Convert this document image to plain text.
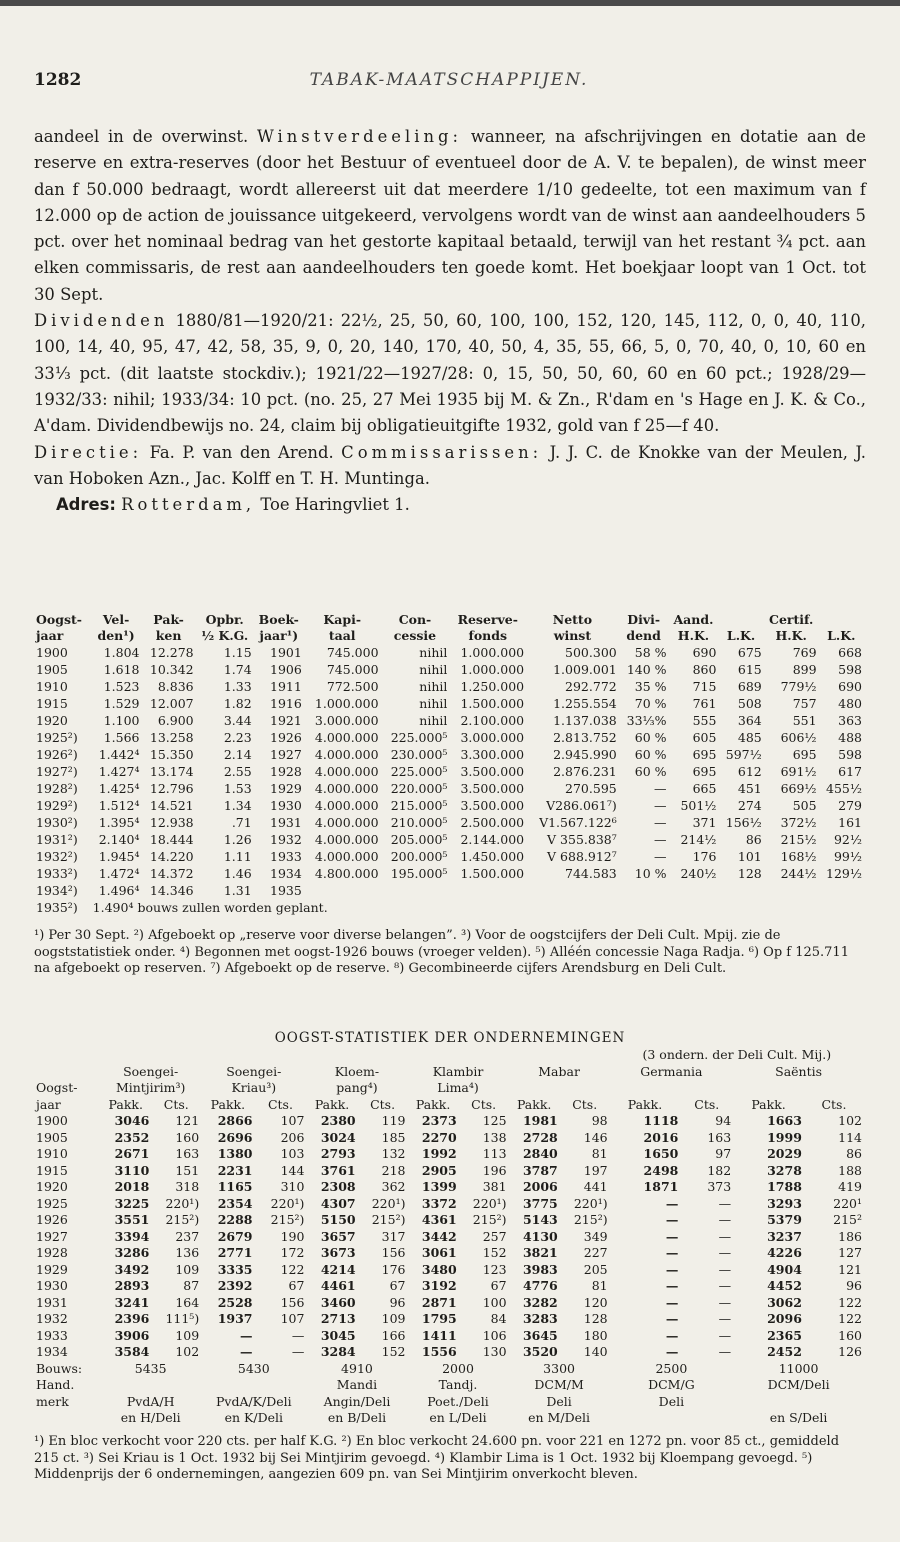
1282	TABAK-MAATSCHAPPIJEN.

aandeel in de overwinst. Winstverdeeling: wanneer, na afschrijvingen en dotatie aan de reserve en extra-reserves (door het Bestuur of eventueel door de A. V. te bepalen), de winst meer dan f 50.000 bedraagt, wordt allereerst uit dat meerdere 1/10 gedeelte, tot een maximum van f 12.000 op de action de jouissance uitgekeerd, vervolgens wordt van de winst aan aandeelhouders 5 pct. over het nominaal bedrag van het gestorte kapitaal betaald, terwijl van het restant ¾ pct. aan elken commissaris, de rest aan aandeelhouders ten goede komt. Het boekjaar loopt van 1 Oct. tot 30 Sept.

Dividenden 1880/81—1920/21: 22½, 25, 50, 60, 100, 100, 152, 120, 145, 112, 0, 0, 40, 110, 100, 14, 40, 95, 47, 42, 58, 35, 9, 0, 20, 140, 170, 40, 50, 4, 35, 55, 66, 5, 0, 70, 40, 0, 10, 60 en 33⅓ pct. (dit laatste stockdiv.); 1921/22—1927/28: 0, 15, 50, 50, 60, 60 en 60 pct.; 1928/29—1932/33: nihil; 1933/34: 10 pct. (no. 25, 27 Mei 1935 bij M. & Zn., R'dam en 's Hage en J. K. & Co., A'dam. Dividendbewijs no. 24, claim bij obligatieuitgifte 1932, gold van f 25—f 40.

Directie: Fa. P. van den Arend. Commissarissen: J. J. C. de Knokke van der Meulen, J. van Hoboken Azn., Jac. Kolff en T. H. Muntinga.

Adres: Rotterdam, Toe Haringvliet 1.

Oogst-	Vel-	Pak-	Opbr.	Boek-	Kapi-	Con-	Reserve-	Netto	Divi-	Aand.		Certif.	
jaar	den¹)	ken	½ K.G.	jaar¹)	taal	cessie	fonds	winst	dend	H.K.	L.K.	H.K.	L.K.
1900	1.804	12.278	1.15	1901	745.000	nihil	1.000.000	500.300	58 %	690	675	769	668
1905	1.618	10.342	1.74	1906	745.000	nihil	1.000.000	1.009.001	140 %	860	615	899	598
1910	1.523	8.836	1.33	1911	772.500	nihil	1.250.000	292.772	35 %	715	689	779½	690
1915	1.529	12.007	1.82	1916	1.000.000	nihil	1.500.000	1.255.554	70 %	761	508	757	480
1920	1.100	6.900	3.44	1921	3.000.000	nihil	2.100.000	1.137.038	33⅓%	555	364	551	363
1925²)	1.566	13.258	2.23	1926	4.000.000	225.000⁵	3.000.000	2.813.752	60 %	605	485	606½	488
1926²)	1.442⁴	15.350	2.14	1927	4.000.000	230.000⁵	3.300.000	2.945.990	60 %	695	597½	695	598
1927²)	1.427⁴	13.174	2.55	1928	4.000.000	225.000⁵	3.500.000	2.876.231	60 %	695	612	691½	617
1928²)	1.425⁴	12.796	1.53	1929	4.000.000	220.000⁵	3.500.000	270.595	—	665	451	669½	455½
1929²)	1.512⁴	14.521	1.34	1930	4.000.000	215.000⁵	3.500.000	V286.061⁷)	—	501½	274	505	279
1930²)	1.395⁴	12.938	.71	1931	4.000.000	210.000⁵	2.500.000	V1.567.122⁶	—	371	156½	372½	161
1931²)	2.140⁴	18.444	1.26	1932	4.000.000	205.000⁵	2.144.000	V 355.838⁷	—	214½	86	215½	92½
1932²)	1.945⁴	14.220	1.11	1933	4.000.000	200.000⁵	1.450.000	V 688.912⁷	—	176	101	168½	99½
1933²)	1.472⁴	14.372	1.46	1934	4.800.000	195.000⁵	1.500.000	744.583	10 %	240½	128	244½	129½
1934²)	1.496⁴	14.346	1.31	1935									
1935²)	1.490⁴ bouws zullen worden geplant.												

¹) Per 30 Sept. ²) Afgeboekt op „reserve voor diverse belangen”. ³) Voor de oogstcijfers der Deli Cult. Mpij. zie de oogststatistiek onder. ⁴) Begonnen met oogst-1926 bouws (vroeger velden). ⁵) Alléén concessie Naga Radja. ⁶) Op f 125.711 na afgeboekt op reserven. ⁷) Afgeboekt op de reserve. ⁸) Gecombineerde cijfers Arendsburg en Deli Cult.

OOGST-STATISTIEK DER ONDERNEMINGEN
											(3 ondern. der Deli Cult. Mij.)			
	Soengei-		Soengei-		Kloem-		Klambir		Mabar		Germania		Saëntis	
Oogst-	Mintjirim³)		Kriau³)		pang⁴)		Lima⁴)							
jaar	Pakk.	Cts.	Pakk.	Cts.	Pakk.	Cts.	Pakk.	Cts.	Pakk.	Cts.	Pakk.	Cts.	Pakk.	Cts.
1900	3046	121	2866	107	2380	119	2373	125	1981	98	1118	94	1663	102
1905	2352	160	2696	206	3024	185	2270	138	2728	146	2016	163	1999	114
1910	2671	163	1380	103	2793	132	1992	113	2840	81	1650	97	2029	86
1915	3110	151	2231	144	3761	218	2905	196	3787	197	2498	182	3278	188
1920	2018	318	1165	310	2308	362	1399	381	2006	441	1871	373	1788	419
1925	3225	220¹)	2354	220¹)	4307	220¹)	3372	220¹)	3775	220¹)	—	—	3293	220¹
1926	3551	215²)	2288	215²)	5150	215²)	4361	215²)	5143	215²)	—	—	5379	215²
1927	3394	237	2679	190	3657	317	3442	257	4130	349	—	—	3237	186
1928	3286	136	2771	172	3673	156	3061	152	3821	227	—	—	4226	127
1929	3492	109	3335	122	4214	176	3480	123	3983	205	—	—	4904	121
1930	2893	87	2392	67	4461	67	3192	67	4776	81	—	—	4452	96
1931	3241	164	2528	156	3460	96	2871	100	3282	120	—	—	3062	122
1932	2396	111⁵)	1937	107	2713	109	1795	84	3283	128	—	—	2096	122
1933	3906	109	—	—	3045	166	1411	106	3645	180	—	—	2365	160
1934	3584	102	—	—	3284	152	1556	130	3520	140	—	—	2452	126
Bouws:	5435		5430		4910		2000		3300		2500		11000	
Hand.					Mandi		Tandj.		DCM/M		DCM/G		DCM/Deli	
merk	PvdA/H		PvdA/K/Deli		Angin/Deli		Poet./Deli		Deli		Deli			
	en H/Deli		en K/Deli		en B/Deli		en L/Deli		en M/Deli				en S/Deli	

¹) En bloc verkocht voor 220 cts. per half K.G. ²) En bloc verkocht 24.600 pn. voor 221 en 1272 pn. voor 85 ct., gemiddeld 215 ct. ³) Sei Kriau is 1 Oct. 1932 bij Sei Mintjirim gevoegd. ⁴) Klambir Lima is 1 Oct. 1932 bij Kloempang gevoegd. ⁵) Middenprijs der 6 ondernemingen, aangezien 609 pn. van Sei Mintjirim onverkocht bleven.
